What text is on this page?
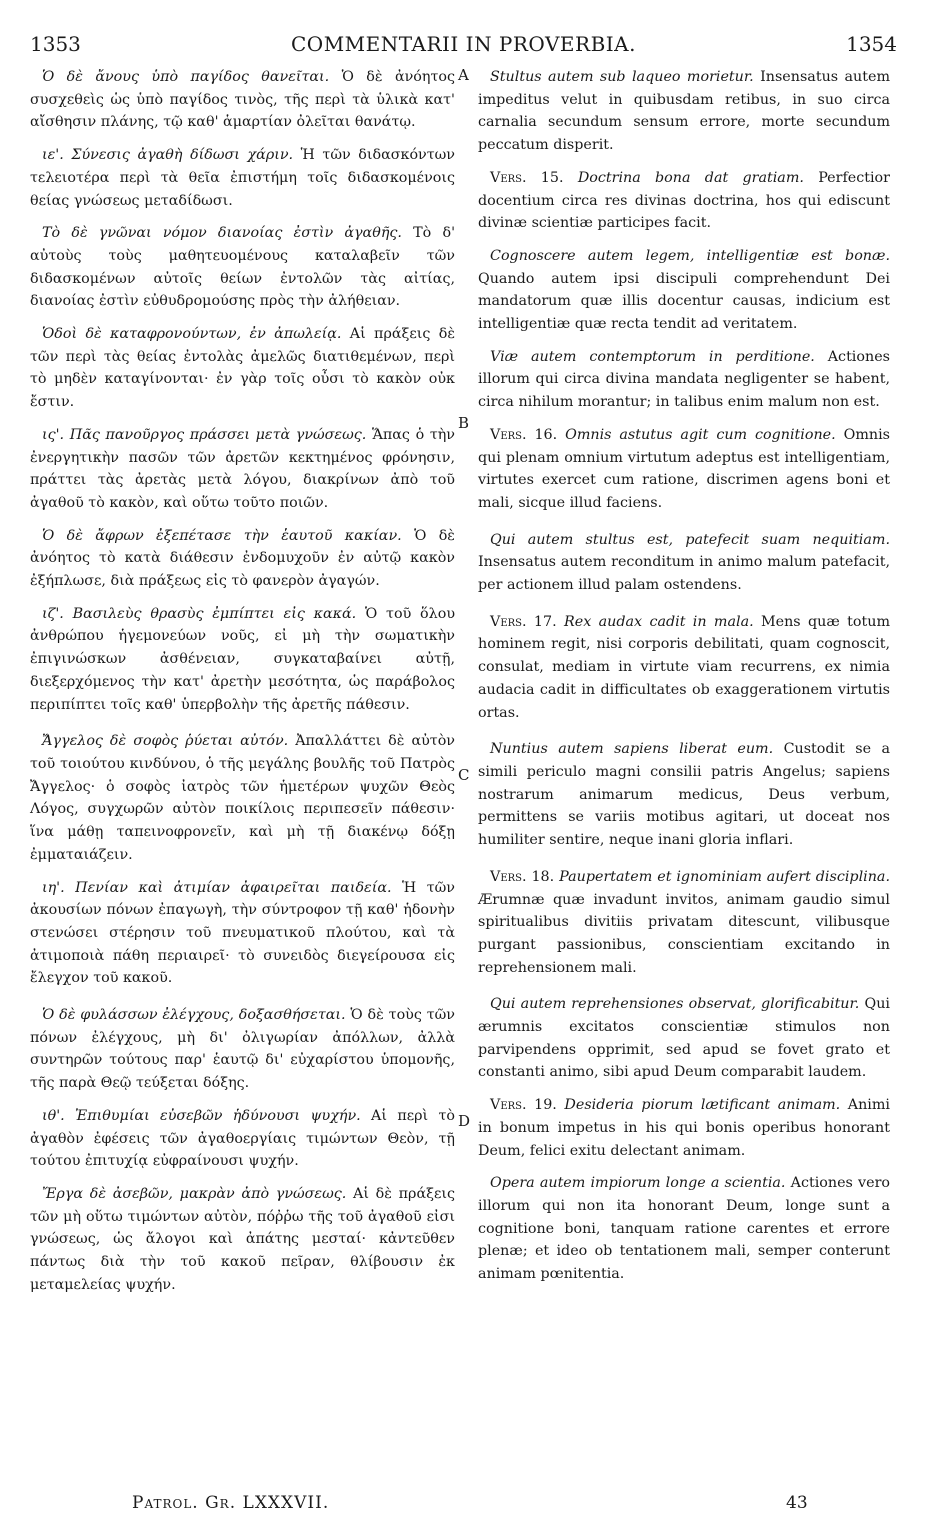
1353	COMMENTARII IN PROVERBIA.	1354
A
B
C
D

Ὁ δὲ ἄνους ὑπὸ παγίδος θανεῖται. Ὁ δὲ ἀνόητος συσχεθεὶς ὡς ὑπὸ παγίδος τινὸς, τῆς περὶ τὰ ὑλικὰ κατ' αἴσθησιν πλάνης, τῷ καθ' ἁμαρτίαν ὀλεῖται θανάτῳ.

ιε'. Σύνεσις ἀγαθὴ δίδωσι χάριν. Ἡ τῶν διδασκόντων τελειοτέρα περὶ τὰ θεῖα ἐπιστήμη τοῖς διδασκομένοις θείας γνώσεως μεταδίδωσι.

Τὸ δὲ γνῶναι νόμον διανοίας ἐστὶν ἀγαθῆς. Τὸ δ' αὐτοὺς τοὺς μαθητευομένους καταλαβεῖν τῶν διδασκομένων αὐτοῖς θείων ἐντολῶν τὰς αἰτίας, διανοίας ἐστὶν εὐθυδρομούσης πρὸς τὴν ἀλήθειαν.

Ὁδοὶ δὲ καταφρονούντων, ἐν ἀπωλείᾳ. Αἱ πράξεις δὲ τῶν περὶ τὰς θείας ἐντολὰς ἀμελῶς διατιθεμένων, περὶ τὸ μηδὲν καταγίνονται· ἐν γὰρ τοῖς οὖσι τὸ κακὸν οὐκ ἔστιν.

ις'. Πᾶς πανοῦργος πράσσει μετὰ γνώσεως. Ἅπας ὁ τὴν ἐνεργητικὴν πασῶν τῶν ἀρετῶν κεκτημένος φρόνησιν, πράττει τὰς ἀρετὰς μετὰ λόγου, διακρίνων ἀπὸ τοῦ ἀγαθοῦ τὸ κακὸν, καὶ οὕτω τοῦτο ποιῶν.

Ὁ δὲ ἄφρων ἐξεπέτασε τὴν ἑαυτοῦ κακίαν. Ὁ δὲ ἀνόητος τὸ κατὰ διάθεσιν ἐνδομυχοῦν ἐν αὐτῷ κακὸν ἐξήπλωσε, διὰ πράξεως εἰς τὸ φανερὸν ἀγαγών.

ιζ'. Βασιλεὺς θρασὺς ἐμπίπτει εἰς κακά. Ὁ τοῦ ὅλου ἀνθρώπου ἡγεμονεύων νοῦς, εἰ μὴ τὴν σωματικὴν ἐπιγινώσκων ἀσθένειαν, συγκαταβαίνει αὐτῇ, διεξερχόμενος τὴν κατ' ἀρετὴν μεσότητα, ὡς παράβολος περιπίπτει τοῖς καθ' ὑπερβολὴν τῆς ἀρετῆς πάθεσιν.

Ἄγγελος δὲ σοφὸς ῥύεται αὐτόν. Ἀπαλλάττει δὲ αὐτὸν τοῦ τοιούτου κινδύνου, ὁ τῆς μεγάλης βουλῆς τοῦ Πατρὸς Ἄγγελος· ὁ σοφὸς ἰατρὸς τῶν ἡμετέρων ψυχῶν Θεὸς Λόγος, συγχωρῶν αὐτὸν ποικίλοις περιπεσεῖν πάθεσιν· ἵνα μάθῃ ταπεινοφρονεῖν, καὶ μὴ τῇ διακένῳ δόξῃ ἐμματαιάζειν.

ιη'. Πενίαν καὶ ἀτιμίαν ἀφαιρεῖται παιδεία. Ἡ τῶν ἀκουσίων πόνων ἐπαγωγὴ, τὴν σύντροφον τῇ καθ' ἡδονὴν στενώσει στέρησιν τοῦ πνευματικοῦ πλούτου, καὶ τὰ ἀτιμοποιὰ πάθη περιαιρεῖ· τὸ συνειδὸς διεγείρουσα εἰς ἔλεγχον τοῦ κακοῦ.

Ὁ δὲ φυλάσσων ἐλέγχους, δοξασθήσεται. Ὁ δὲ τοὺς τῶν πόνων ἐλέγχους, μὴ δι' ὀλιγωρίαν ἀπόλλων, ἀλλὰ συντηρῶν τούτους παρ' ἑαυτῷ δι' εὐχαρίστου ὑπομονῆς, τῆς παρὰ Θεῷ τεύξεται δόξης.

ιθ'. Ἐπιθυμίαι εὐσεβῶν ἡδύνουσι ψυχήν. Αἱ περὶ τὸ ἀγαθὸν ἐφέσεις τῶν ἀγαθοεργίαις τιμώντων Θεὸν, τῇ τούτου ἐπιτυχίᾳ εὐφραίνουσι ψυχήν.

Ἔργα δὲ ἀσεβῶν, μακρὰν ἀπὸ γνώσεως. Αἱ δὲ πράξεις τῶν μὴ οὕτω τιμώντων αὐτὸν, πόῤῥω τῆς τοῦ ἀγαθοῦ εἰσι γνώσεως, ὡς ἄλογοι καὶ ἀπάτης μεσταί· κἀντεῦθεν πάντως διὰ τὴν τοῦ κακοῦ πεῖραν, θλίβουσιν ἐκ μεταμελείας ψυχήν.

Stultus autem sub laqueo morietur. Insensatus autem impeditus velut in quibusdam retibus, in suo circa carnalia secundum sensum errore, morte secundum peccatum disperit.

Vers. 15. Doctrina bona dat gratiam. Perfectior docentium circa res divinas doctrina, hos qui ediscunt divinæ scientiæ participes facit.

Cognoscere autem legem, intelligentiæ est bonæ. Quando autem ipsi discipuli comprehendunt Dei mandatorum quæ illis docentur causas, indicium est intelligentiæ quæ recta tendit ad veritatem.

Viæ autem contemptorum in perditione. Actiones illorum qui circa divina mandata negligenter se habent, circa nihilum morantur; in talibus enim malum non est.

Vers. 16. Omnis astutus agit cum cognitione. Omnis qui plenam omnium virtutum adeptus est intelligentiam, virtutes exercet cum ratione, discrimen agens boni et mali, sicque illud faciens.

Qui autem stultus est, patefecit suam nequitiam. Insensatus autem reconditum in animo malum patefacit, per actionem illud palam ostendens.

Vers. 17. Rex audax cadit in mala. Mens quæ totum hominem regit, nisi corporis debilitati, quam cognoscit, consulat, mediam in virtute viam recurrens, ex nimia audacia cadit in difficultates ob exaggerationem virtutis ortas.

Nuntius autem sapiens liberat eum. Custodit se a simili periculo magni consilii patris Angelus; sapiens nostrarum animarum medicus, Deus verbum, permittens se variis motibus agitari, ut doceat nos humiliter sentire, neque inani gloria inflari.

Vers. 18. Paupertatem et ignominiam aufert disciplina. Ærumnæ quæ invadunt invitos, animam gaudio simul spiritualibus divitiis privatam ditescunt, vilibusque purgant passionibus, conscientiam excitando in reprehensionem mali.

Qui autem reprehensiones observat, glorificabitur. Qui ærumnis excitatos conscientiæ stimulos non parvipendens opprimit, sed apud se fovet grato et constanti animo, sibi apud Deum comparabit laudem.

Vers. 19. Desideria piorum lætificant animam. Animi in bonum impetus in his qui bonis operibus honorant Deum, felici exitu delectant animam.

Opera autem impiorum longe a scientia. Actiones vero illorum qui non ita honorant Deum, longe sunt a cognitione boni, tanquam ratione carentes et errore plenæ; et ideo ob tentationem mali, semper conterunt animam pœnitentia.

Patrol. Gr. LXXXVII.	43
